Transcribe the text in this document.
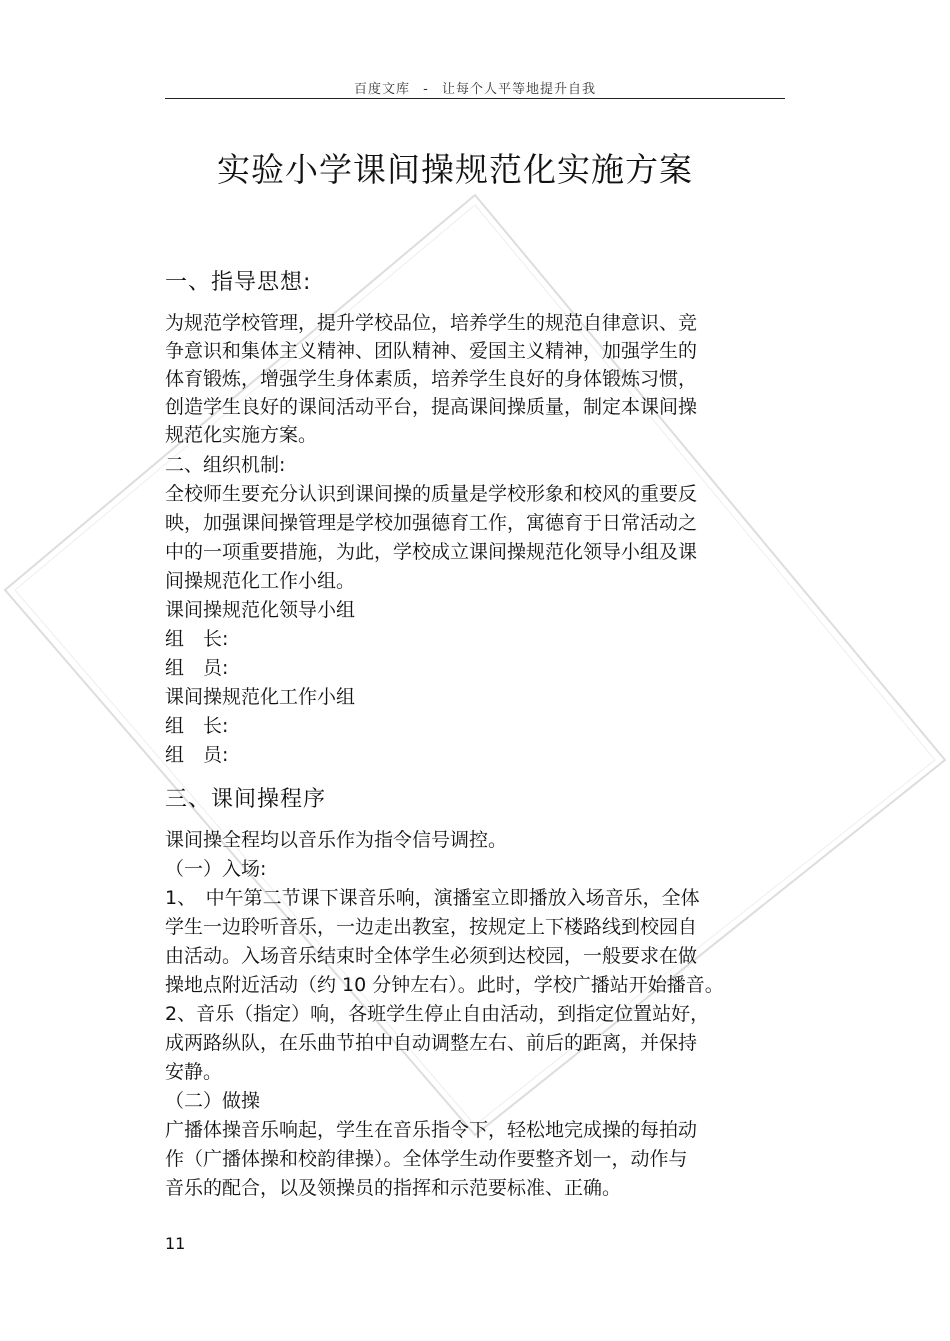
百度文库 - 让每个人平等地提升自我
实验小学课间操规范化实施方案
一、指导思想:
为规范学校管理，提升学校品位，培养学生的规范自律意识、竞
争意识和集体主义精神、团队精神、爱国主义精神，加强学生的
体育锻炼，增强学生身体素质，培养学生良好的身体锻炼习惯，
创造学生良好的课间活动平台，提高课间操质量，制定本课间操
规范化实施方案。
二、组织机制:
全校师生要充分认识到课间操的质量是学校形象和校风的重要反
映，加强课间操管理是学校加强德育工作，寓德育于日常活动之
中的一项重要措施，为此，学校成立课间操规范化领导小组及课
间操规范化工作小组。
课间操规范化领导小组
组　长:
组　员:
课间操规范化工作小组
组　长:
组　员:
三、课间操程序
课间操全程均以音乐作为指令信号调控。
（一）入场:
1、　中午第二节课下课音乐响，演播室立即播放入场音乐，全体
学生一边聆听音乐，一边走出教室，按规定上下楼路线到校园自
由活动。入场音乐结束时全体学生必须到达校园，一般要求在做
操地点附近活动（约 10 分钟左右）。此时，学校广播站开始播音。
2、音乐（指定）响，各班学生停止自由活动，到指定位置站好，
成两路纵队，在乐曲节拍中自动调整左右、前后的距离，并保持
安静。
（二）做操
广播体操音乐响起，学生在音乐指令下，轻松地完成操的每拍动
作（广播体操和校韵律操）。全体学生动作要整齐划一，动作与
音乐的配合，以及领操员的指挥和示范要标准、正确。
11
